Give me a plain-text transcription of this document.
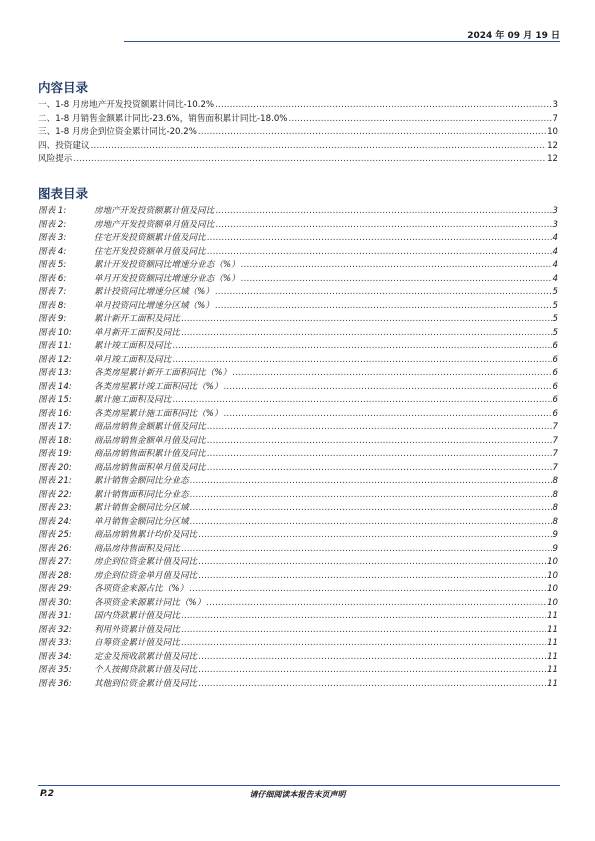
2024 年 09 月 19 日
内容目录
一、1-8 月房地产开发投资额累计同比-10.2% .....	3
二、1-8 月销售金额累计同比-23.6%，销售面积累计同比-18.0% .....	7
三、1-8 月房企到位资金累计同比-20.2% .....	10
四、投资建议 .....	12
风险提示 .....	12
图表目录
图表 1:	房地产开发投资额累计值及同比 .....	3
图表 2:	房地产开发投资额单月值及同比 .....	3
图表 3:	住宅开发投资额累计值及同比 .....	4
图表 4:	住宅开发投资额单月值及同比 .....	4
图表 5:	累计开发投资额同比增速分业态（%） .....	4
图表 6:	单月开发投资额同比增速分业态（%） .....	4
图表 7:	累计投资同比增速分区域（%） .....	5
图表 8:	单月投资同比增速分区域（%） .....	5
图表 9:	累计新开工面积及同比 .....	5
图表 10:	单月新开工面积及同比 .....	5
图表 11:	累计竣工面积及同比 .....	6
图表 12:	单月竣工面积及同比 .....	6
图表 13:	各类房屋累计新开工面积同比（%） .....	6
图表 14:	各类房屋累计竣工面积同比（%） .....	6
图表 15:	累计施工面积及同比 .....	6
图表 16:	各类房屋累计施工面积同比（%） .....	6
图表 17:	商品房销售金额累计值及同比 .....	7
图表 18:	商品房销售金额单月值及同比 .....	7
图表 19:	商品房销售面积累计值及同比 .....	7
图表 20:	商品房销售面积单月值及同比 .....	7
图表 21:	累计销售金额同比分业态 .....	8
图表 22:	累计销售面积同比分业态 .....	8
图表 23:	累计销售金额同比分区域 .....	8
图表 24:	单月销售金额同比分区域 .....	8
图表 25:	商品房销售累计均价及同比 .....	9
图表 26:	商品房待售面积及同比 .....	9
图表 27:	房企到位资金累计值及同比 .....	10
图表 28:	房企到位资金单月值及同比 .....	10
图表 29:	各项资金来源占比（%） .....	10
图表 30:	各项资金来源累计同比（%） .....	10
图表 31:	国内贷款累计值及同比 .....	11
图表 32:	利用外资累计值及同比 .....	11
图表 33:	自筹资金累计值及同比 .....	11
图表 34:	定金及预收款累计值及同比 .....	11
图表 35:	个人按揭贷款累计值及同比 .....	11
图表 36:	其他到位资金累计值及同比 .....	11
P.2	请仔细阅读本报告末页声明
